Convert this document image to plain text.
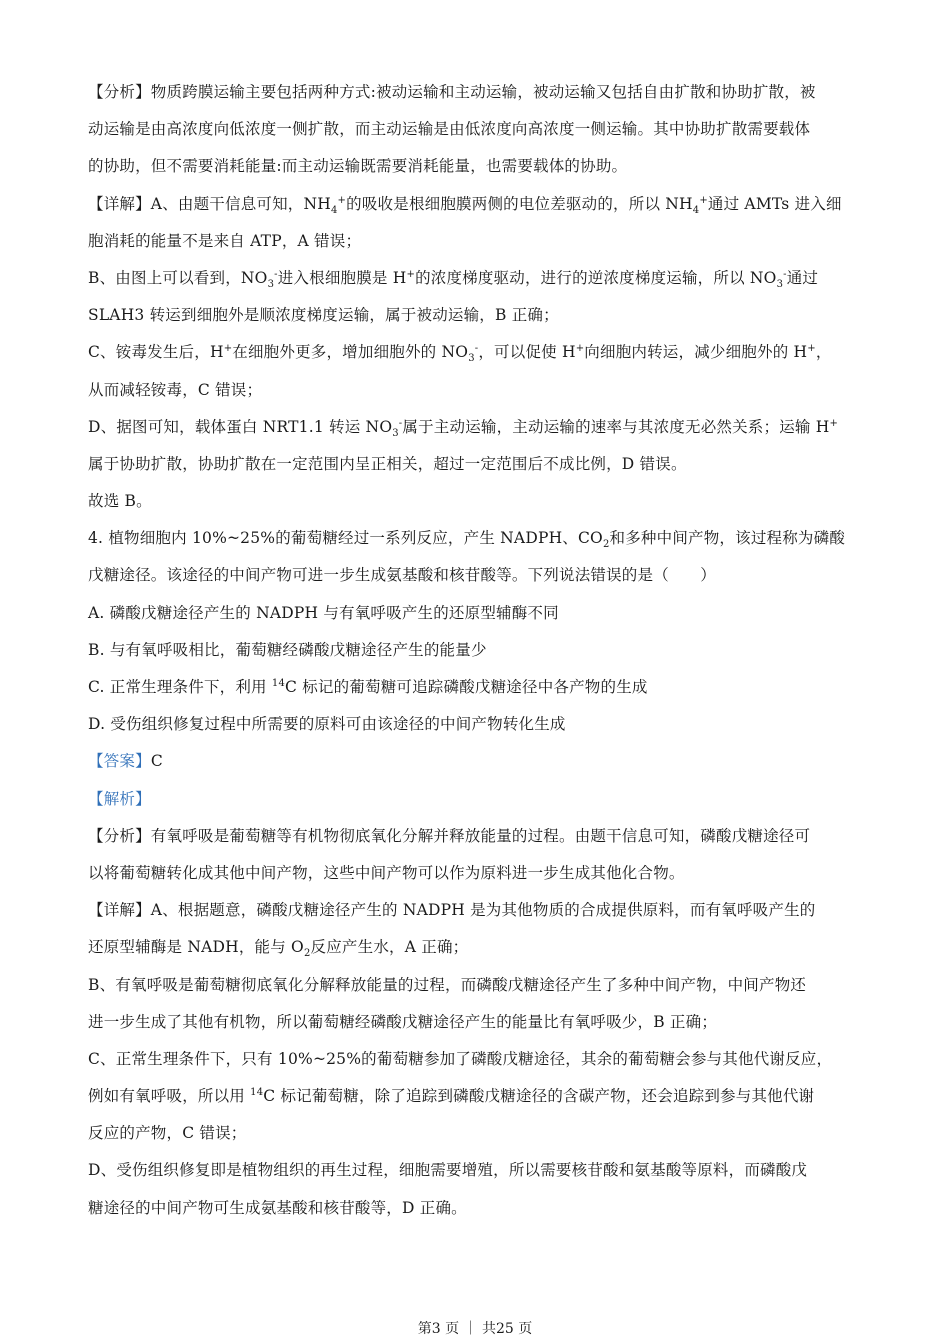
【分析】物质跨膜运输主要包括两种方式:被动运输和主动运输，被动运输又包括自由扩散和协助扩散，被
动运输是由高浓度向低浓度一侧扩散，而主动运输是由低浓度向高浓度一侧运输。其中协助扩散需要载体
的协助，但不需要消耗能量:而主动运输既需要消耗能量，也需要载体的协助。
【详解】A、由题干信息可知，$NH_4^+$的吸收是根细胞膜两侧的电位差驱动的，所以 $NH_4^+$通过 AMTs 进入细
胞消耗的能量不是来自 ATP，A 错误；
B、由图上可以看到，$NO_3^-$进入根细胞膜是 H+的浓度梯度驱动，进行的逆浓度梯度运输，所以 $NO_3^-$通过
SLAH3 转运到细胞外是顺浓度梯度运输，属于被动运输，B 正确；
C、铵毒发生后，H+在细胞外更多，增加细胞外的 $NO_3^-$，可以促使 H+向细胞内转运，减少细胞外的 H+，
从而减轻铵毒，C 错误；
D、据图可知，载体蛋白 NRT1.1 转运 $NO_3^-$属于主动运输，主动运输的速率与其浓度无必然关系；运输 H+
属于协助扩散，协助扩散在一定范围内呈正相关，超过一定范围后不成比例，D 错误。
故选 B。
4. 植物细胞内 10%~25%的葡萄糖经过一系列反应，产生 NADPH、$CO_2$和多种中间产物，该过程称为磷酸
戊糖途径。该途径的中间产物可进一步生成氨基酸和核苷酸等。下列说法错误的是（　　）
A. 磷酸戊糖途径产生的 NADPH 与有氧呼吸产生的还原型辅酶不同
B. 与有氧呼吸相比，葡萄糖经磷酸戊糖途径产生的能量少
C. 正常生理条件下，利用 $^{14}$C 标记的葡萄糖可追踪磷酸戊糖途径中各产物的生成
D. 受伤组织修复过程中所需要的原料可由该途径的中间产物转化生成
【答案】C
【解析】
【分析】有氧呼吸是葡萄糖等有机物彻底氧化分解并释放能量的过程。由题干信息可知，磷酸戊糖途径可
以将葡萄糖转化成其他中间产物，这些中间产物可以作为原料进一步生成其他化合物。
【详解】A、根据题意，磷酸戊糖途径产生的 NADPH 是为其他物质的合成提供原料，而有氧呼吸产生的
还原型辅酶是 NADH，能与 $O_2$反应产生水，A 正确；
B、有氧呼吸是葡萄糖彻底氧化分解释放能量的过程，而磷酸戊糖途径产生了多种中间产物，中间产物还
进一步生成了其他有机物，所以葡萄糖经磷酸戊糖途径产生的能量比有氧呼吸少，B 正确；
C、正常生理条件下，只有 10%~25%的葡萄糖参加了磷酸戊糖途径，其余的葡萄糖会参与其他代谢反应，
例如有氧呼吸，所以用 $^{14}$C 标记葡萄糖，除了追踪到磷酸戊糖途径的含碳产物，还会追踪到参与其他代谢
反应的产物，C 错误；
D、受伤组织修复即是植物组织的再生过程，细胞需要增殖，所以需要核苷酸和氨基酸等原料，而磷酸戊
糖途径的中间产物可生成氨基酸和核苷酸等，D 正确。
第3 页 ｜ 共25 页
